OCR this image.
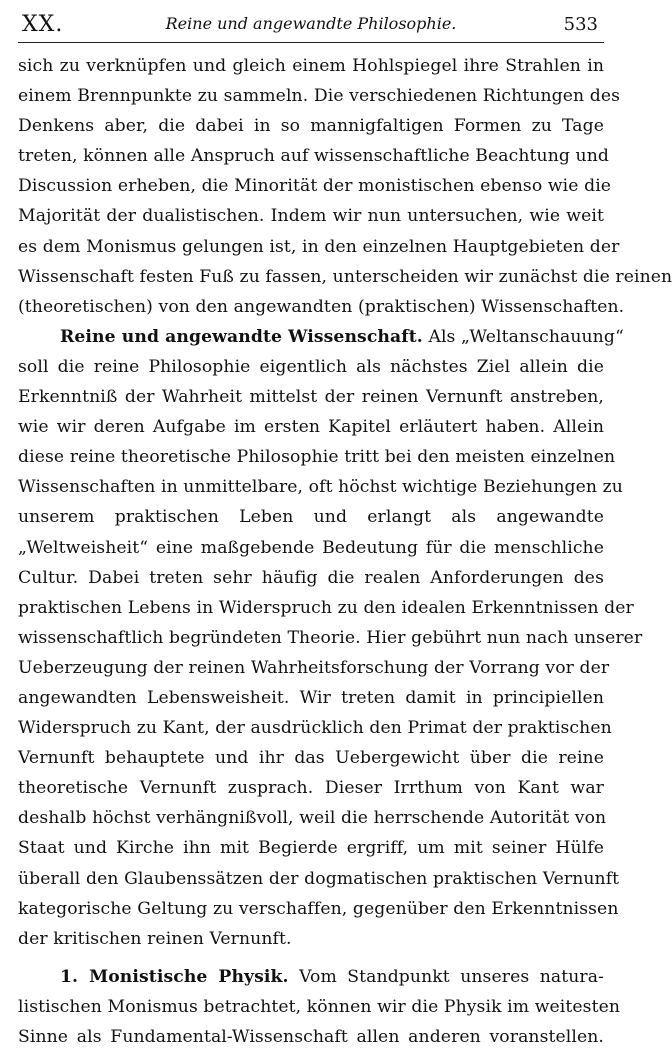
XX.	Reine und angewandte Philosophie.	533
sich zu verknüpfen und gleich einem Hohlspiegel ihre Strahlen in
einem Brennpunkte zu sammeln. Die verschiedenen Richtungen des
Denkens aber, die dabei in so mannigfaltigen Formen zu Tage
treten, können alle Anspruch auf wissenschaftliche Beachtung und
Discussion erheben, die Minorität der monistischen ebenso wie die
Majorität der dualistischen. Indem wir nun untersuchen, wie weit
es dem Monismus gelungen ist, in den einzelnen Hauptgebieten der
Wissenschaft festen Fuß zu fassen, unterscheiden wir zunächst die reinen
(theoretischen) von den angewandten (praktischen) Wissenschaften.
Reine und angewandte Wissenschaft. Als „Weltanschauung“
soll die reine Philosophie eigentlich als nächstes Ziel allein die
Erkenntniß der Wahrheit mittelst der reinen Vernunft anstreben,
wie wir deren Aufgabe im ersten Kapitel erläutert haben. Allein
diese reine theoretische Philosophie tritt bei den meisten einzelnen
Wissenschaften in unmittelbare, oft höchst wichtige Beziehungen zu
unserem praktischen Leben und erlangt als angewandte
„Weltweisheit“ eine maßgebende Bedeutung für die menschliche
Cultur. Dabei treten sehr häufig die realen Anforderungen des
praktischen Lebens in Widerspruch zu den idealen Erkenntnissen der
wissenschaftlich begründeten Theorie. Hier gebührt nun nach unserer
Ueberzeugung der reinen Wahrheitsforschung der Vorrang vor der
angewandten Lebensweisheit. Wir treten damit in principiellen
Widerspruch zu Kant, der ausdrücklich den Primat der praktischen
Vernunft behauptete und ihr das Uebergewicht über die reine
theoretische Vernunft zusprach. Dieser Irrthum von Kant war
deshalb höchst verhängnißvoll, weil die herrschende Autorität von
Staat und Kirche ihn mit Begierde ergriff, um mit seiner Hülfe
überall den Glaubenssätzen der dogmatischen praktischen Vernunft
kategorische Geltung zu verschaffen, gegenüber den Erkenntnissen
der kritischen reinen Vernunft.
1. Monistische Physik. Vom Standpunkt unseres natura-
listischen Monismus betrachtet, können wir die Physik im weitesten
Sinne als Fundamental-Wissenschaft allen anderen voranstellen.
